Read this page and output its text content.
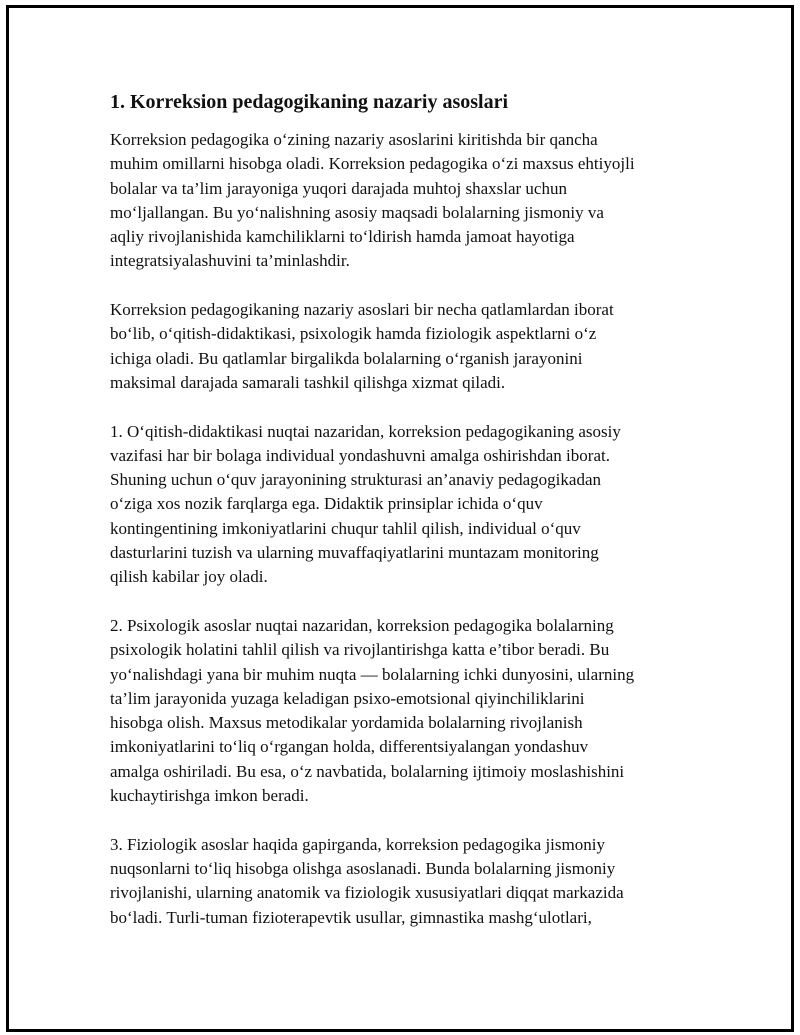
1. Korreksion pedagogikaning nazariy asoslari

Korreksion pedagogika o‘zining nazariy asoslarini kiritishda bir qancha
muhim omillarni hisobga oladi. Korreksion pedagogika o‘zi maxsus ehtiyojli
bolalar va ta’lim jarayoniga yuqori darajada muhtoj shaxslar uchun
mo‘ljallangan. Bu yo‘nalishning asosiy maqsadi bolalarning jismoniy va
aqliy rivojlanishida kamchiliklarni to‘ldirish hamda jamoat hayotiga
integratsiyalashuvini ta’minlashdir.

Korreksion pedagogikaning nazariy asoslari bir necha qatlamlardan iborat
bo‘lib, o‘qitish-didaktikasi, psixologik hamda fiziologik aspektlarni o‘z
ichiga oladi. Bu qatlamlar birgalikda bolalarning o‘rganish jarayonini
maksimal darajada samarali tashkil qilishga xizmat qiladi.

1. O‘qitish-didaktikasi nuqtai nazaridan, korreksion pedagogikaning asosiy
vazifasi har bir bolaga individual yondashuvni amalga oshirishdan iborat.
Shuning uchun o‘quv jarayonining strukturasi an’anaviy pedagogikadan
o‘ziga xos nozik farqlarga ega. Didaktik prinsiplar ichida o‘quv
kontingentining imkoniyatlarini chuqur tahlil qilish, individual o‘quv
dasturlarini tuzish va ularning muvaffaqiyatlarini muntazam monitoring
qilish kabilar joy oladi.

2. Psixologik asoslar nuqtai nazaridan, korreksion pedagogika bolalarning
psixologik holatini tahlil qilish va rivojlantirishga katta e’tibor beradi. Bu
yo‘nalishdagi yana bir muhim nuqta — bolalarning ichki dunyosini, ularning
ta’lim jarayonida yuzaga keladigan psixo-emotsional qiyinchiliklarini
hisobga olish. Maxsus metodikalar yordamida bolalarning rivojlanish
imkoniyatlarini to‘liq o‘rgangan holda, differentsiyalangan yondashuv
amalga oshiriladi. Bu esa, o‘z navbatida, bolalarning ijtimoiy moslashishini
kuchaytirishga imkon beradi.

3. Fiziologik asoslar haqida gapirganda, korreksion pedagogika jismoniy
nuqsonlarni to‘liq hisobga olishga asoslanadi. Bunda bolalarning jismoniy
rivojlanishi, ularning anatomik va fiziologik xususiyatlari diqqat markazida
bo‘ladi. Turli-tuman fizioterapevtik usullar, gimnastika mashg‘ulotlari,
